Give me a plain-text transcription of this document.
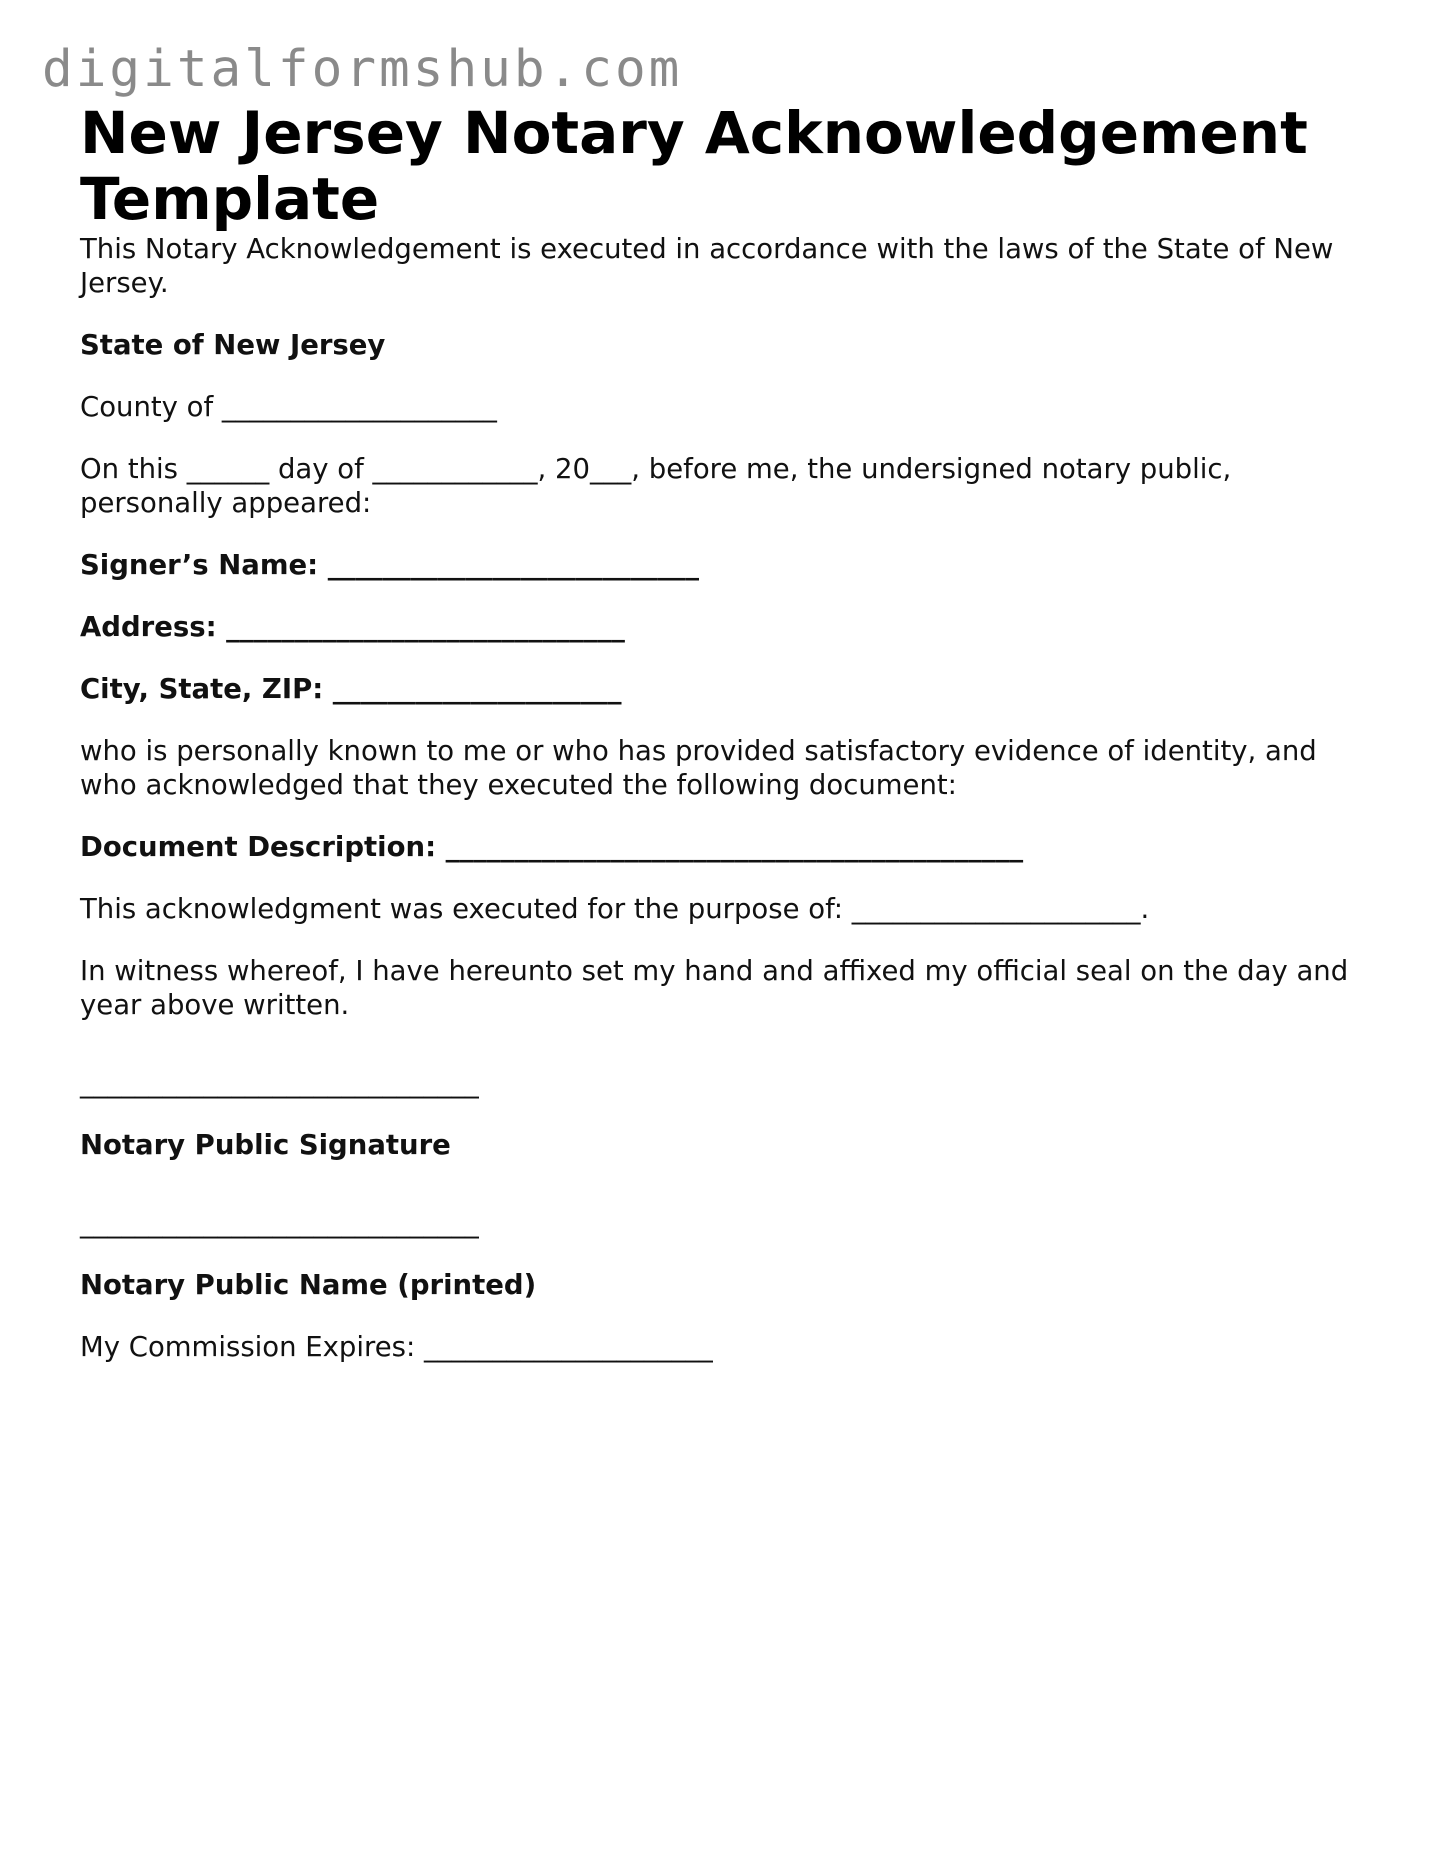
digitalformshub.com
New Jersey Notary Acknowledgement Template
This Notary Acknowledgement is executed in accordance with the laws of the State of New Jersey.
State of New Jersey
County of ____________________
On this ______ day of ____________, 20___, before me, the undersigned notary public, personally appeared:
Signer’s Name: ___________________________
Address: _____________________________
City, State, ZIP: _____________________
who is personally known to me or who has provided satisfactory evidence of identity, and who acknowledged that they executed the following document:
Document Description: __________________________________________
This acknowledgment was executed for the purpose of: _____________________.
In witness whereof, I have hereunto set my hand and affixed my official seal on the day and year above written.
_____________________________
Notary Public Signature
_____________________________
Notary Public Name (printed)
My Commission Expires: _____________________
